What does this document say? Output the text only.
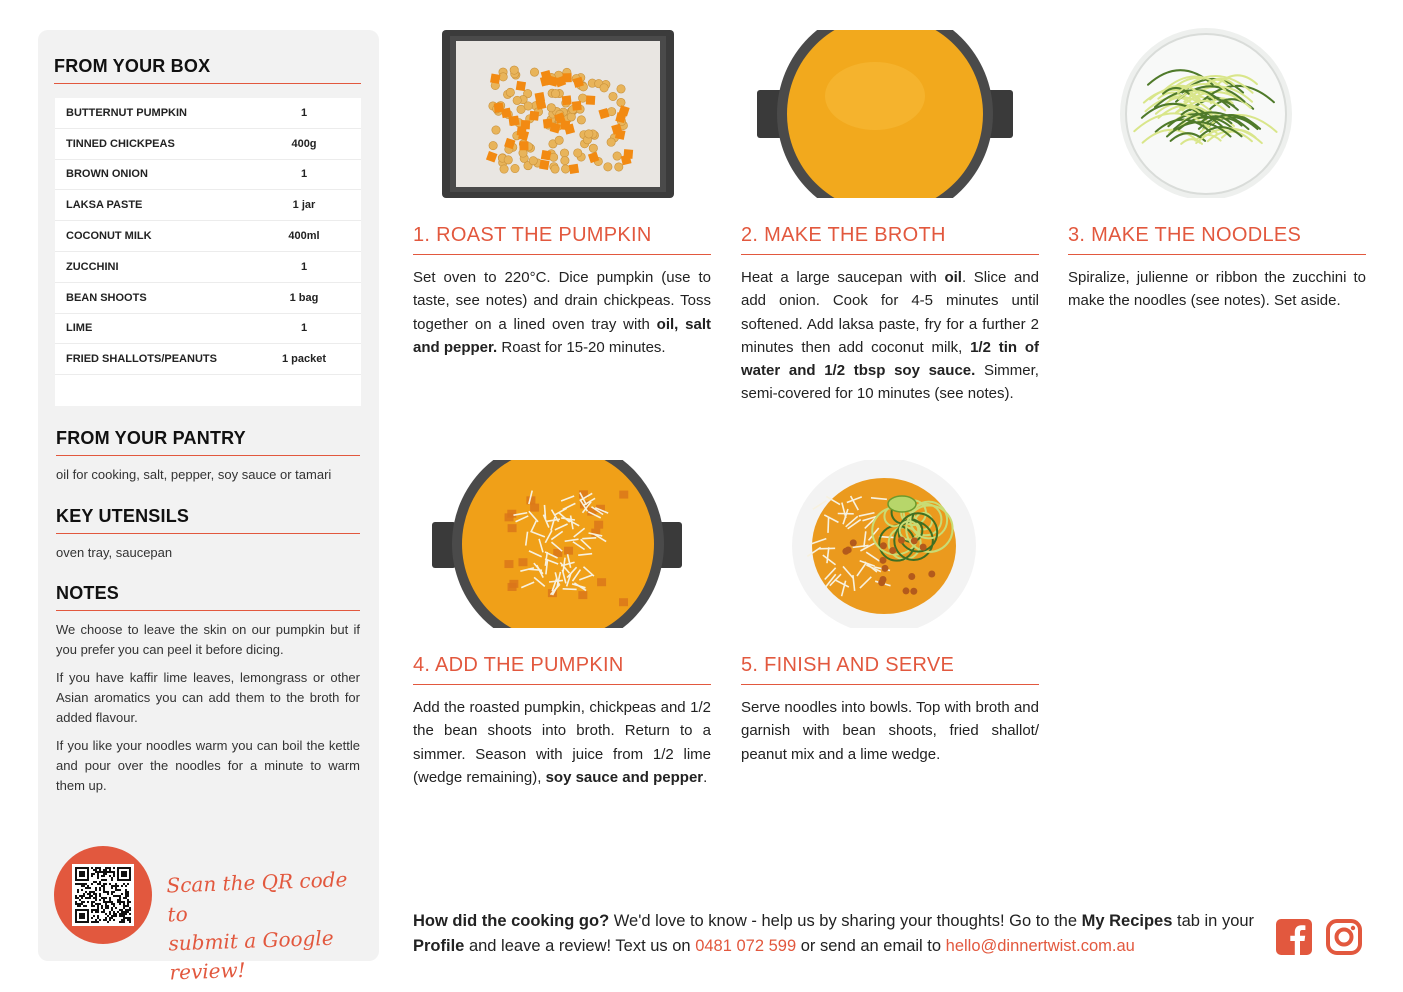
FROM YOUR BOX
BUTTERNUT PUMPKIN	1
TINNED CHICKPEAS	400g
BROWN ONION	1
LAKSA PASTE	1 jar
COCONUT MILK	400ml
ZUCCHINI	1
BEAN SHOOTS	1 bag
LIME	1
FRIED SHALLOTS/PEANUTS	1 packet
FROM YOUR PANTRY
oil for cooking, salt, pepper, soy sauce or tamari
KEY UTENSILS
oven tray, saucepan
NOTES
We choose to leave the skin on our pumpkin but if you prefer you can peel it before dicing.
If you have kaffir lime leaves, lemongrass or other Asian aromatics you can add them to the broth for added flavour.
If you like your noodles warm you can boil the kettle and pour over the noodles for a minute to warm them up.
Scan the QR code to
submit a Google review!
1. ROAST THE PUMPKIN
Set oven to 220°C. Dice pumpkin (use to taste, see notes) and drain chickpeas. Toss together on a lined oven tray with oil, salt and pepper. Roast for 15-20 minutes.
2. MAKE THE BROTH
Heat a large saucepan with oil. Slice and add onion. Cook for 4-5 minutes until softened. Add laksa paste, fry for a further 2 minutes then add coconut milk, 1/2 tin of water and 1/2 tbsp soy sauce. Simmer, semi-covered for 10 minutes (see notes).
3. MAKE THE NOODLES
Spiralize, julienne or ribbon the zucchini to make the noodles (see notes). Set aside.
4. ADD THE PUMPKIN
Add the roasted pumpkin, chickpeas and 1/2 the bean shoots into broth. Return to a simmer. Season with juice from 1/2 lime (wedge remaining), soy sauce and pepper.
5. FINISH AND SERVE
Serve noodles into bowls. Top with broth and garnish with bean shoots, fried shallot/ peanut mix and a lime wedge.
How did the cooking go? We'd love to know - help us by sharing your thoughts! Go to the My Recipes tab in your Profile and leave a review! Text us on 0481 072 599 or send an email to hello@dinnertwist.com.au
